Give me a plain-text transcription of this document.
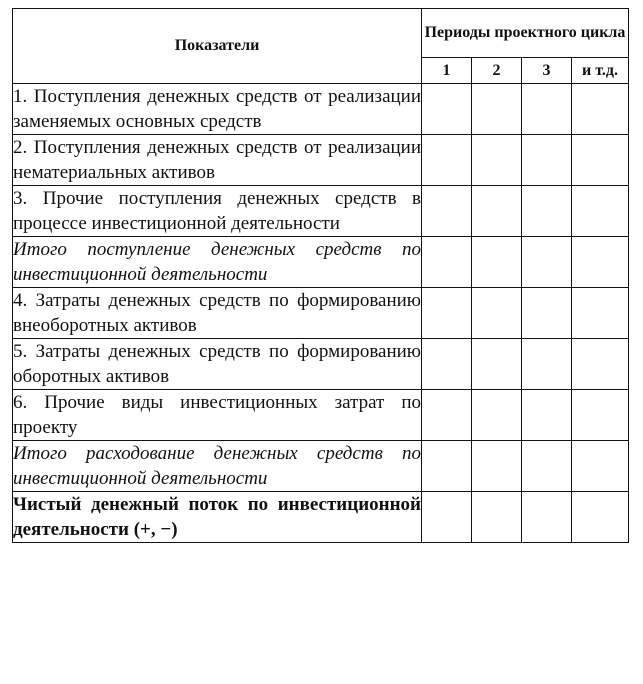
Показатели	Периоды проектного цикла			
	1	2	3	и т.д.
1. Поступления денежных средств от реализации заменяемых основных средств				
2. Поступления денежных средств от реализации нематериальных активов				
3. Прочие поступления денежных средств в процессе инвестиционной деятельности				
Итого поступление денежных средств по инвестиционной деятельности				
4. Затраты денежных средств по формированию внеоборотных активов				
5. Затраты денежных средств по формированию оборотных активов				
6. Прочие виды инвестиционных затрат по проекту				
Итого расходование денежных средств по инвестиционной деятельности				
Чистый денежный поток по инвестиционной деятельности (+, −)				
